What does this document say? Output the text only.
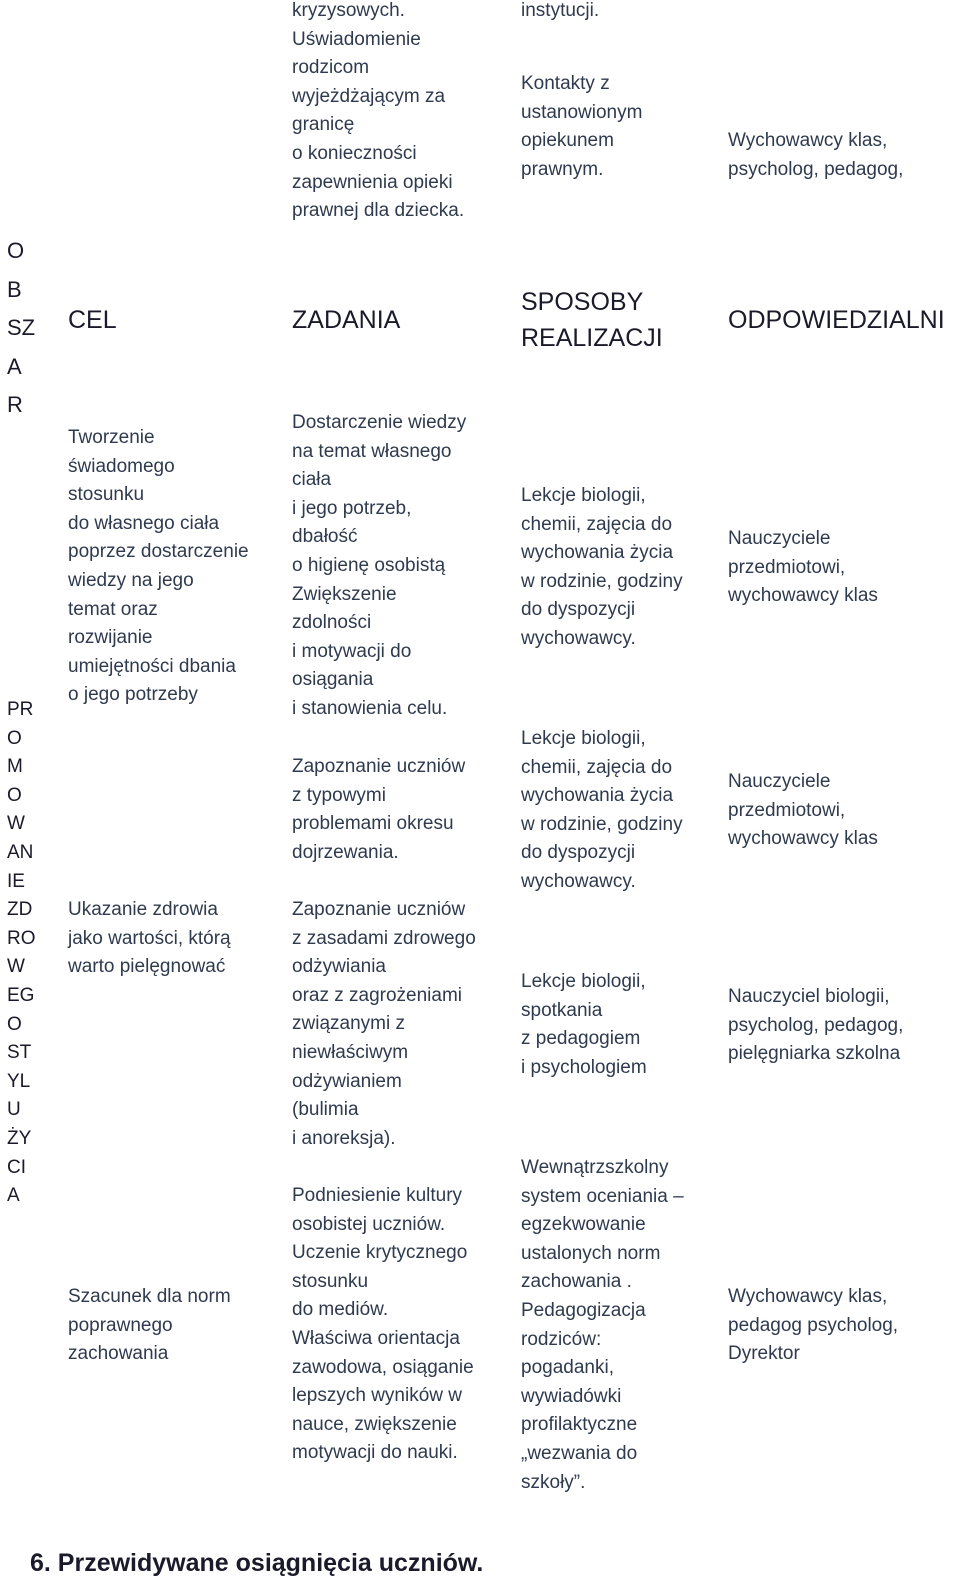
kryzysowych.
Uświadomienie
rodzicom
wyjeżdżającym za
granicę
o konieczności
zapewnienia opieki
prawnej dla dziecka.
instytucji.
Kontakty z
ustanowionym
opiekunem
prawnym.
Wychowawcy klas,
psycholog, pedagog,
O
B
SZ
A
R
CEL	ZADANIA
SPOSOBY
REALIZACJI
ODPOWIEDZIALNI
PR
O
M
O
W
AN
IE
ZD
RO
W
EG
O
ST
YL
U
ŻY
CI
A
Tworzenie
świadomego
stosunku
do własnego ciała
poprzez dostarczenie
wiedzy na jego
temat oraz
rozwijanie
umiejętności dbania
o jego potrzeby
Dostarczenie wiedzy
na temat własnego
ciała
i jego potrzeb,
dbałość
o higienę osobistą
Zwiększenie
zdolności
i motywacji do
osiągania
i stanowienia celu.
Lekcje biologii,
chemii, zajęcia do
wychowania życia
w rodzinie, godziny
do dyspozycji
wychowawcy.
Nauczyciele
przedmiotowi,
wychowawcy klas
Zapoznanie uczniów
z typowymi
problemami okresu
dojrzewania.
Lekcje biologii,
chemii, zajęcia do
wychowania życia
w rodzinie, godziny
do dyspozycji
wychowawcy.
Nauczyciele
przedmiotowi,
wychowawcy klas
Ukazanie zdrowia
jako wartości, którą
warto pielęgnować
Zapoznanie uczniów
z zasadami zdrowego
odżywiania
oraz z zagrożeniami
związanymi z
niewłaściwym
odżywianiem
(bulimia
i anoreksja).
Lekcje biologii,
spotkania
z pedagogiem
i psychologiem
Nauczyciel biologii,
psycholog, pedagog,
pielęgniarka szkolna
Szacunek dla norm
poprawnego
zachowania
Podniesienie kultury
osobistej uczniów.
Uczenie krytycznego
stosunku
do mediów.
Właściwa orientacja
zawodowa, osiąganie
lepszych wyników w
nauce, zwiększenie
motywacji do nauki.
Wewnątrzszkolny
system oceniania –
egzekwowanie
ustalonych norm
zachowania .
Pedagogizacja
rodziców:
pogadanki,
wywiadówki
profilaktyczne
„wezwania do
szkoły”.
Wychowawcy klas,
pedagog psycholog,
Dyrektor
6. Przewidywane osiągnięcia uczniów.
